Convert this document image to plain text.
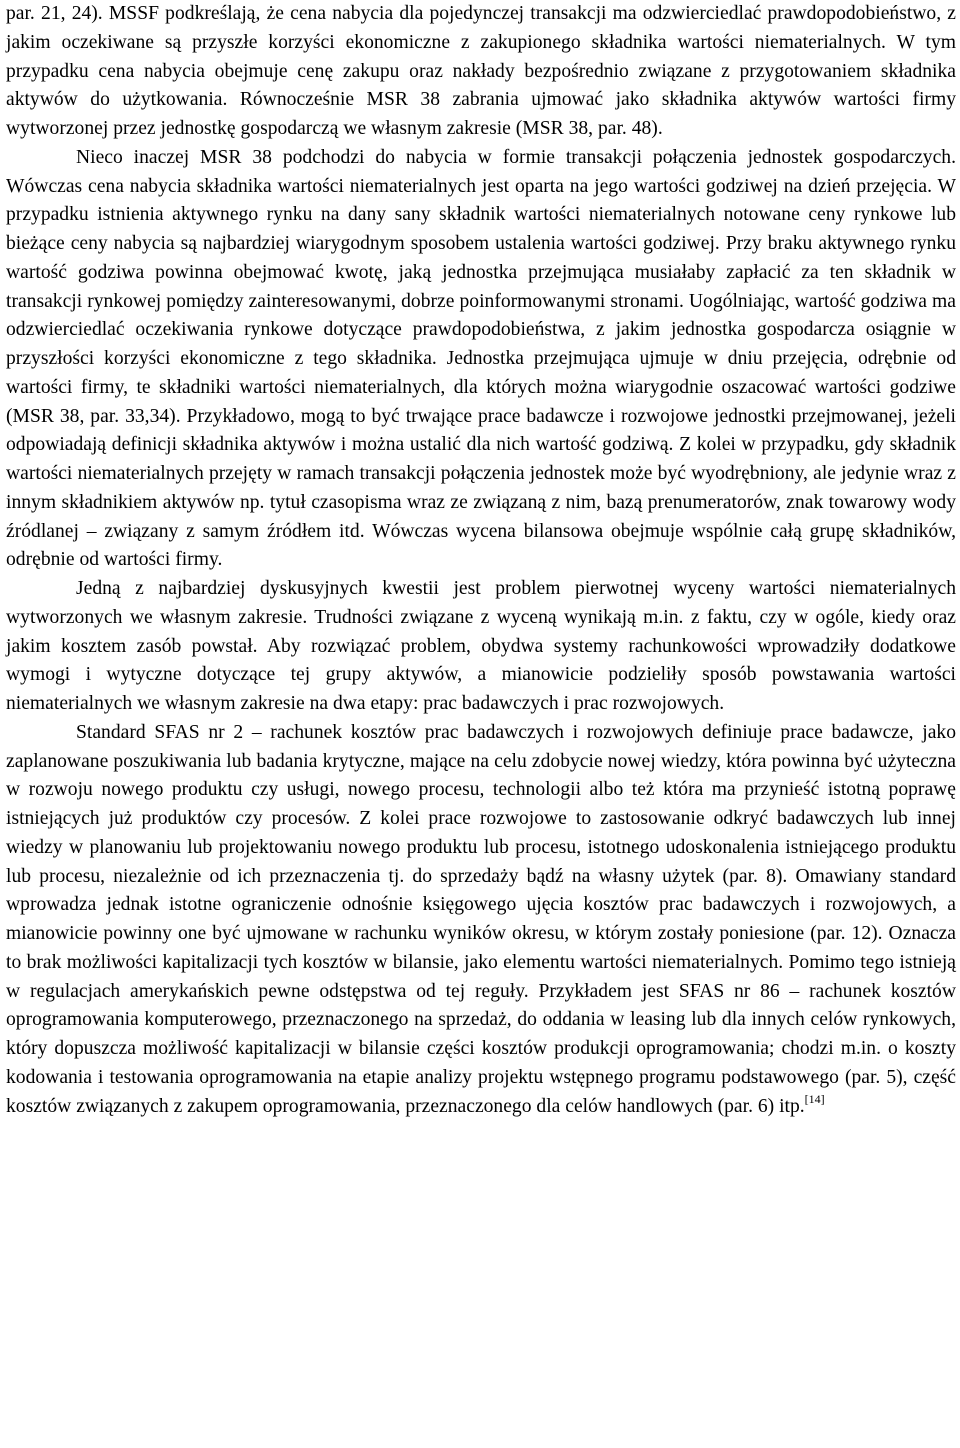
par. 21, 24). MSSF podkreślają, że cena nabycia dla pojedynczej transakcji ma odzwierciedlać prawdopodobieństwo, z jakim oczekiwane są przyszłe korzyści ekonomiczne z zakupionego składnika wartości niematerialnych. W tym przypadku cena nabycia obejmuje cenę zakupu oraz nakłady bezpośrednio związane z przygotowaniem składnika aktywów do użytkowania. Równocześnie MSR 38 zabrania ujmować jako składnika aktywów wartości firmy wytworzonej przez jednostkę gospodarczą we własnym zakresie (MSR 38, par. 48).

Nieco inaczej MSR 38 podchodzi do nabycia w formie transakcji połączenia jednostek gospodarczych. Wówczas cena nabycia składnika wartości niematerialnych jest oparta na jego wartości godziwej na dzień przejęcia. W przypadku istnienia aktywnego rynku na dany sany składnik wartości niematerialnych notowane ceny rynkowe lub bieżące ceny nabycia są najbardziej wiarygodnym sposobem ustalenia wartości godziwej. Przy braku aktywnego rynku wartość godziwa powinna obejmować kwotę, jaką jednostka przejmująca musiałaby zapłacić za ten składnik w transakcji rynkowej pomiędzy zainteresowanymi, dobrze poinformowanymi stronami. Uogólniając, wartość godziwa ma odzwierciedlać oczekiwania rynkowe dotyczące prawdopodobieństwa, z jakim jednostka gospodarcza osiągnie w przyszłości korzyści ekonomiczne z tego składnika. Jednostka przejmująca ujmuje w dniu przejęcia, odrębnie od wartości firmy, te składniki wartości niematerialnych, dla których można wiarygodnie oszacować wartości godziwe (MSR 38, par. 33,34). Przykładowo, mogą to być trwające prace badawcze i rozwojowe jednostki przejmowanej, jeżeli odpowiadają definicji składnika aktywów i można ustalić dla nich wartość godziwą. Z kolei w przypadku, gdy składnik wartości niematerialnych przejęty w ramach transakcji połączenia jednostek może być wyodrębniony, ale jedynie wraz z innym składnikiem aktywów np. tytuł czasopisma wraz ze związaną z nim, bazą prenumeratorów, znak towarowy wody źródlanej – związany z samym źródłem itd. Wówczas wycena bilansowa obejmuje wspólnie całą grupę składników, odrębnie od wartości firmy.

Jedną z najbardziej dyskusyjnych kwestii jest problem pierwotnej wyceny wartości niematerialnych wytworzonych we własnym zakresie. Trudności związane z wyceną wynikają m.in. z faktu, czy w ogóle, kiedy oraz jakim kosztem zasób powstał. Aby rozwiązać problem, obydwa systemy rachunkowości wprowadziły dodatkowe wymogi i wytyczne dotyczące tej grupy aktywów, a mianowicie podzieliły sposób powstawania wartości niematerialnych we własnym zakresie na dwa etapy: prac badawczych i prac rozwojowych.

Standard SFAS nr 2 – rachunek kosztów prac badawczych i rozwojowych definiuje prace badawcze, jako zaplanowane poszukiwania lub badania krytyczne, mające na celu zdobycie nowej wiedzy, która powinna być użyteczna w rozwoju nowego produktu czy usługi, nowego procesu, technologii albo też która ma przynieść istotną poprawę istniejących już produktów czy procesów. Z kolei prace rozwojowe to zastosowanie odkryć badawczych lub innej wiedzy w planowaniu lub projektowaniu nowego produktu lub procesu, istotnego udoskonalenia istniejącego produktu lub procesu, niezależnie od ich przeznaczenia tj. do sprzedaży bądź na własny użytek (par. 8). Omawiany standard wprowadza jednak istotne ograniczenie odnośnie księgowego ujęcia kosztów prac badawczych i rozwojowych, a mianowicie powinny one być ujmowane w rachunku wyników okresu, w którym zostały poniesione (par. 12). Oznacza to brak możliwości kapitalizacji tych kosztów w bilansie, jako elementu wartości niematerialnych. Pomimo tego istnieją w regulacjach amerykańskich pewne odstępstwa od tej reguły. Przykładem jest SFAS nr 86 – rachunek kosztów oprogramowania komputerowego, przeznaczonego na sprzedaż, do oddania w leasing lub dla innych celów rynkowych, który dopuszcza możliwość kapitalizacji w bilansie części kosztów produkcji oprogramowania; chodzi m.in. o koszty kodowania i testowania oprogramowania na etapie analizy projektu wstępnego programu podstawowego (par. 5), część kosztów związanych z zakupem oprogramowania, przeznaczonego dla celów handlowych (par. 6) itp.[14]
